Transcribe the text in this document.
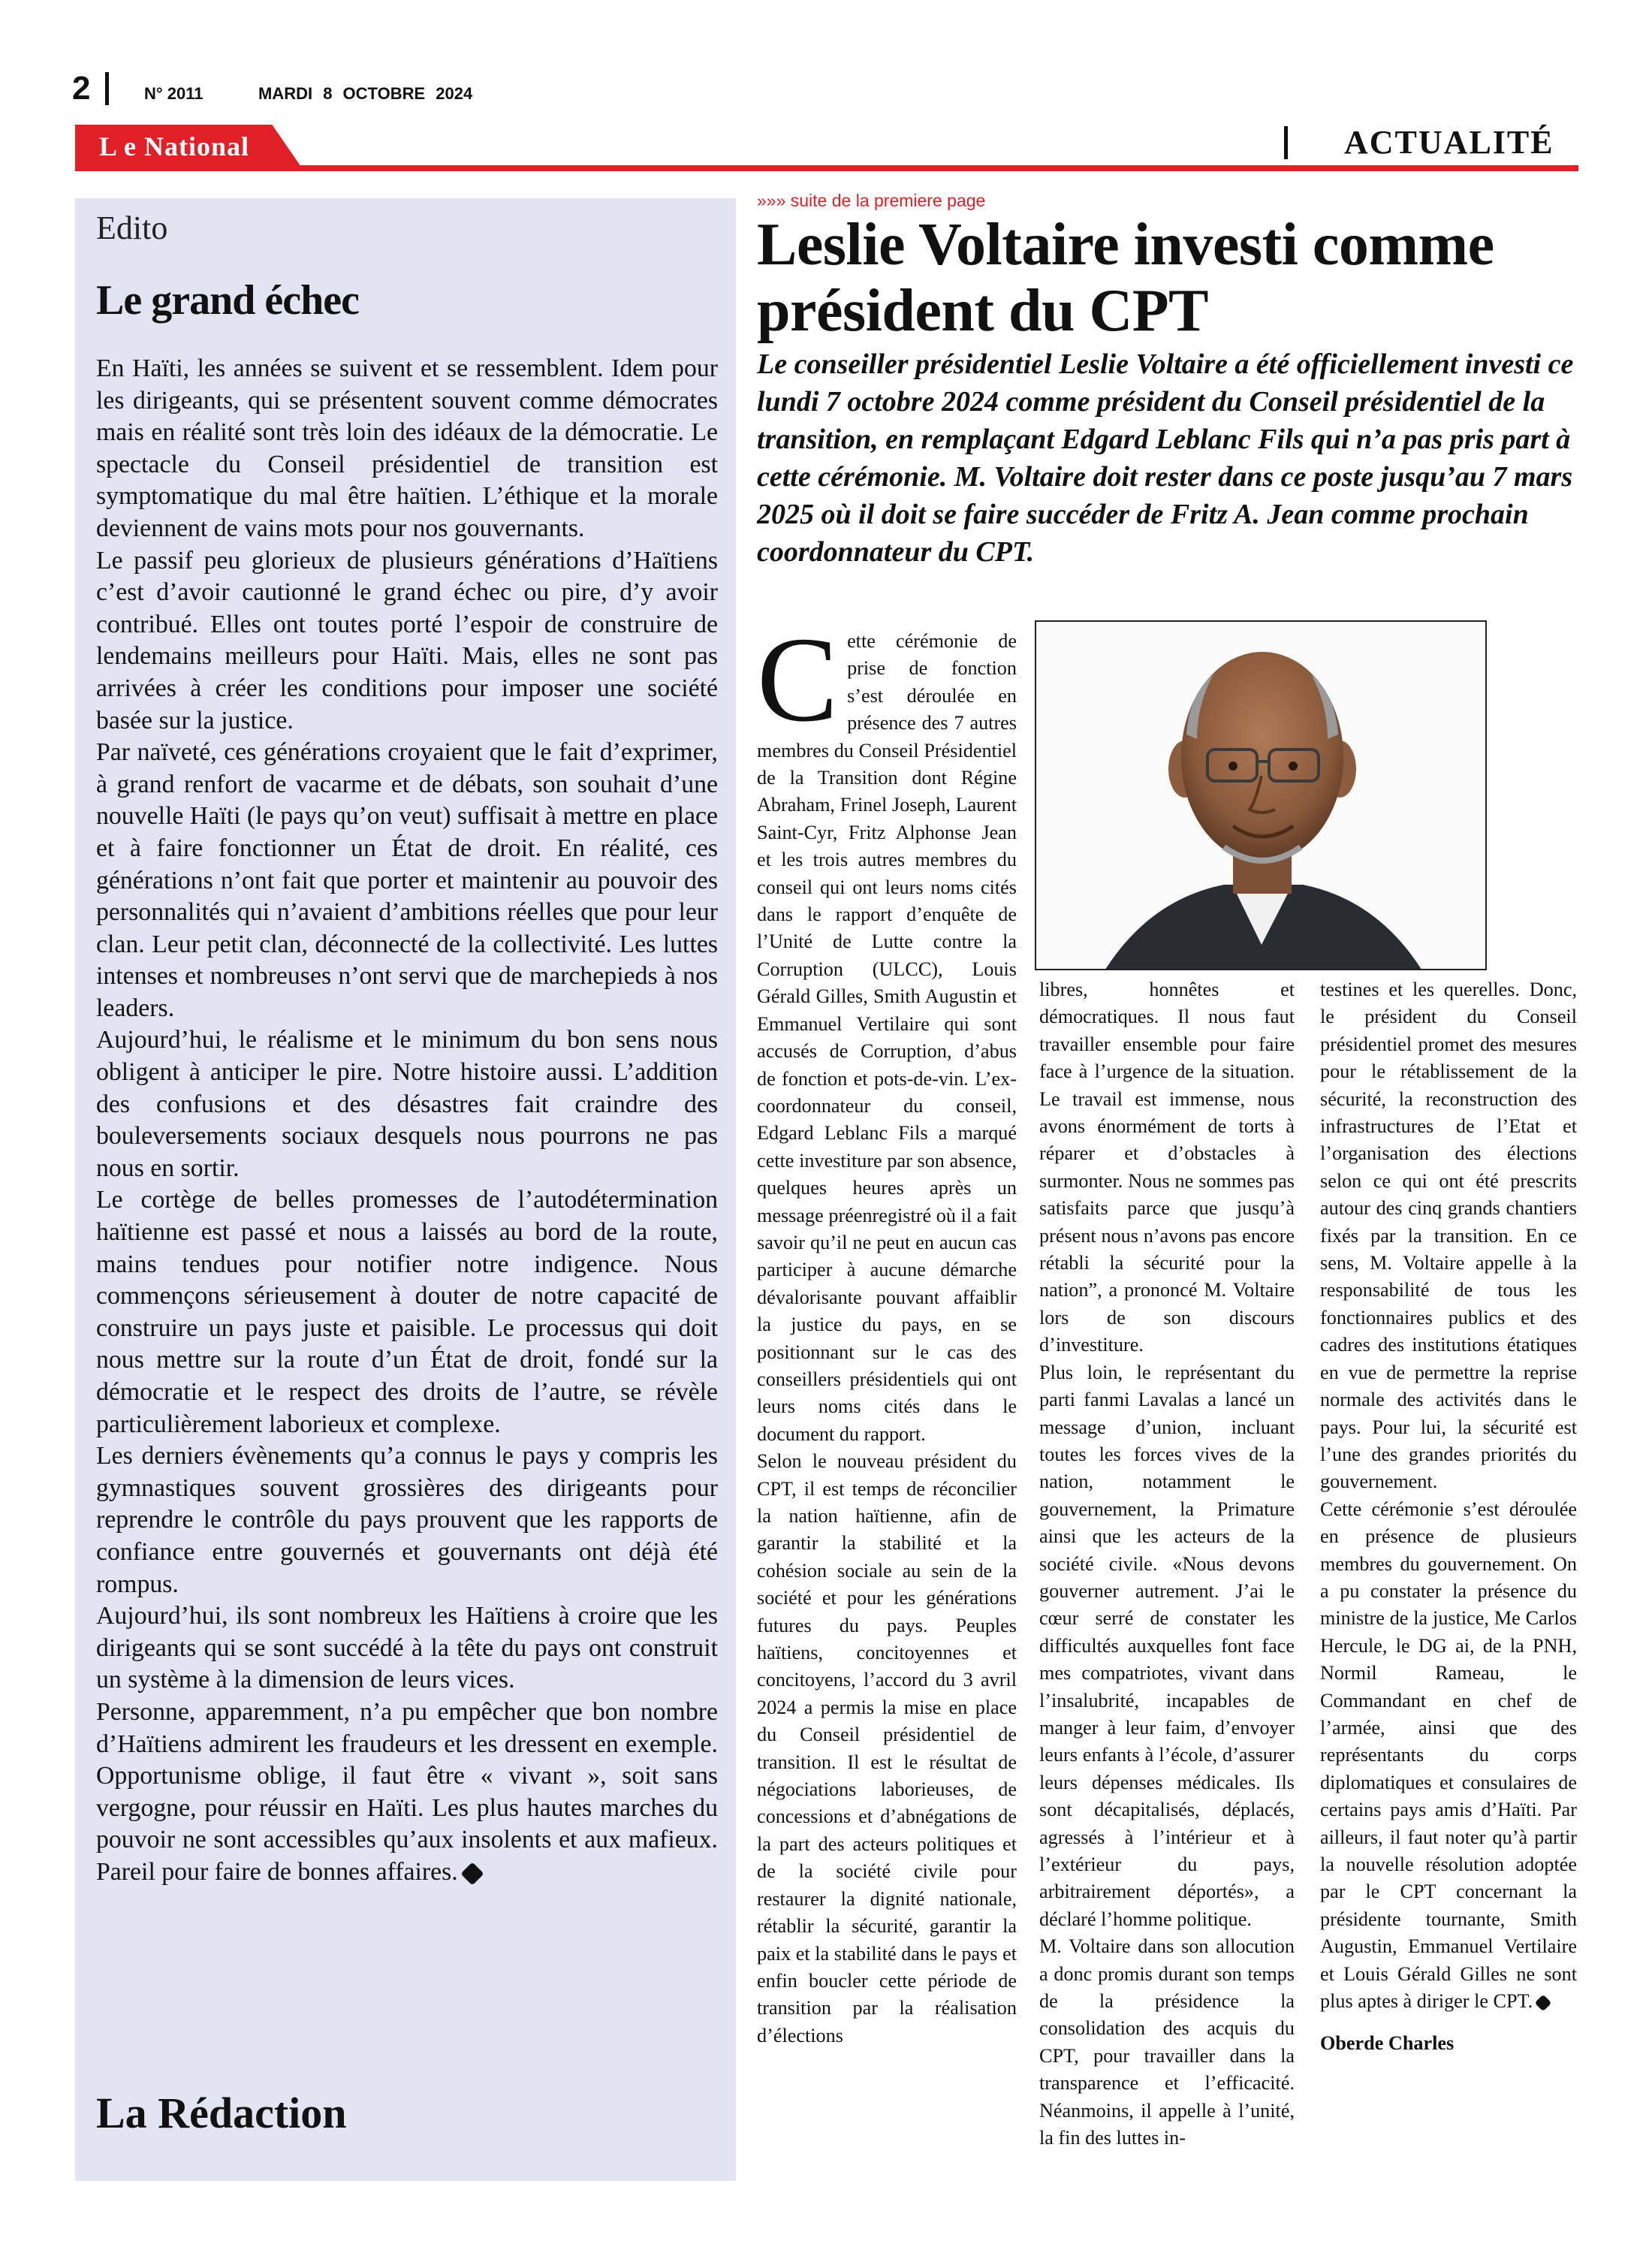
2	N° 2011	MARDI 8 OCTOBRE 2024
L e National	ACTUALITÉ
Edito
Le grand échec

En Haïti, les années se suivent et se ressemblent. Idem pour les dirigeants, qui se présentent souvent comme démocrates mais en réalité sont très loin des idéaux de la démocratie. Le spectacle du Conseil présidentiel de transition est symptomatique du mal être haïtien. L’éthique et la morale deviennent de vains mots pour nos gouvernants.

Le passif peu glorieux de plusieurs générations d’Haïtiens c’est d’avoir cautionné le grand échec ou pire, d’y avoir contribué. Elles ont toutes porté l’espoir de construire de lendemains meilleurs pour Haïti. Mais, elles ne sont pas arrivées à créer les conditions pour imposer une société basée sur la justice.

Par naïveté, ces générations croyaient que le fait d’exprimer, à grand renfort de vacarme et de débats, son souhait d’une nouvelle Haïti (le pays qu’on veut) suffisait à mettre en place et à faire fonctionner un État de droit. En réalité, ces générations n’ont fait que porter et maintenir au pouvoir des personnalités qui n’avaient d’ambitions réelles que pour leur clan. Leur petit clan, déconnecté de la collectivité. Les luttes intenses et nombreuses n’ont servi que de marchepieds à nos leaders.

Aujourd’hui, le réalisme et le minimum du bon sens nous obligent à anticiper le pire. Notre histoire aussi. L’addition des confusions et des désastres fait craindre des bouleversements sociaux desquels nous pourrons ne pas nous en sortir.

Le cortège de belles promesses de l’autodétermination haïtienne est passé et nous a laissés au bord de la route, mains tendues pour notifier notre indigence. Nous commençons sérieusement à douter de notre capacité de construire un pays juste et paisible. Le processus qui doit nous mettre sur la route d’un État de droit, fondé sur la démocratie et le respect des droits de l’autre, se révèle particulièrement laborieux et complexe.

Les derniers évènements qu’a connus le pays y compris les gymnastiques souvent grossières des dirigeants pour reprendre le contrôle du pays prouvent que les rapports de confiance entre gouvernés et gouvernants ont déjà été rompus.

Aujourd’hui, ils sont nombreux les Haïtiens à croire que les dirigeants qui se sont succédé à la tête du pays ont construit un système à la dimension de leurs vices.

Personne, apparemment, n’a pu empêcher que bon nombre d’Haïtiens admirent les fraudeurs et les dressent en exemple. Opportunisme oblige, il faut être « vivant », soit sans vergogne, pour réussir en Haïti. Les plus hautes marches du pouvoir ne sont accessibles qu’aux insolents et aux mafieux. Pareil pour faire de bonnes affaires.

La Rédaction
»»» suite de la premiere page
Leslie Voltaire investi comme président du CPT
Le conseiller présidentiel Leslie Voltaire a été officiellement investi ce lundi 7 octobre 2024 comme président du Conseil présidentiel de la transition, en remplaçant Edgard Leblanc Fils qui n’a pas pris part à cette cérémonie. M. Voltaire doit rester dans ce poste jusqu’au 7 mars 2025 où il doit se faire succéder de Fritz A. Jean comme prochain coordonnateur du CPT.

Cette cérémonie de prise de fonction s’est déroulée en présence des 7 autres membres du Conseil Présidentiel de la Transition dont Régine Abraham, Frinel Joseph, Laurent Saint-Cyr, Fritz Alphonse Jean et les trois autres membres du conseil qui ont leurs noms cités dans le rapport d’enquête de l’Unité de Lutte contre la Corruption (ULCC), Louis Gérald Gilles, Smith Augustin et Emmanuel Vertilaire qui sont accusés de Corruption, d’abus de fonction et pots-de-vin. L’ex-coordonnateur du conseil, Edgard Leblanc Fils a marqué cette investiture par son absence, quelques heures après un message préenregistré où il a fait savoir qu’il ne peut en aucun cas participer à aucune démarche dévalorisante pouvant affaiblir la justice du pays, en se positionnant sur le cas des conseillers présidentiels qui ont leurs noms cités dans le document du rapport.

Selon le nouveau président du CPT, il est temps de réconcilier la nation haïtienne, afin de garantir la stabilité et la cohésion sociale au sein de la société et pour les générations futures du pays. Peuples haïtiens, concitoyennes et concitoyens, l’accord du 3 avril 2024 a permis la mise en place du Conseil présidentiel de transition. Il est le résultat de négociations laborieuses, de concessions et d’abnégations de la part des acteurs politiques et de la société civile pour restaurer la dignité nationale, rétablir la sécurité, garantir la paix et la stabilité dans le pays et enfin boucler cette période de transition par la réalisation d’élections

libres, honnêtes et démocratiques. Il nous faut travailler ensemble pour faire face à l’urgence de la situation. Le travail est immense, nous avons énormément de torts à réparer et d’obstacles à surmonter. Nous ne sommes pas satisfaits parce que jusqu’à présent nous n’avons pas encore rétabli la sécurité pour la nation”, a prononcé M. Voltaire lors de son discours d’investiture.

Plus loin, le représentant du parti fanmi Lavalas a lancé un message d’union, incluant toutes les forces vives de la nation, notamment le gouvernement, la Primature ainsi que les acteurs de la société civile. «Nous devons gouverner autrement. J’ai le cœur serré de constater les difficultés auxquelles font face mes compatriotes, vivant dans l’insalubrité, incapables de manger à leur faim, d’envoyer leurs enfants à l’école, d’assurer leurs dépenses médicales. Ils sont décapitalisés, déplacés, agressés à l’intérieur et à l’extérieur du pays, arbitrairement déportés», a déclaré l’homme politique.

M. Voltaire dans son allocution a donc promis durant son temps de la présidence la consolidation des acquis du CPT, pour travailler dans la transparence et l’efficacité. Néanmoins, il appelle à l’unité, la fin des luttes in-

testines et les querelles. Donc, le président du Conseil présidentiel promet des mesures pour le rétablissement de la sécurité, la reconstruction des infrastructures de l’Etat et l’organisation des élections selon ce qui ont été prescrits autour des cinq grands chantiers fixés par la transition. En ce sens, M. Voltaire appelle à la responsabilité de tous les fonctionnaires publics et des cadres des institutions étatiques en vue de permettre la reprise normale des activités dans le pays. Pour lui, la sécurité est l’une des grandes priorités du gouvernement.

Cette cérémonie s’est déroulée en présence de plusieurs membres du gouvernement. On a pu constater la présence du ministre de la justice, Me Carlos Hercule, le DG ai, de la PNH, Normil Rameau, le Commandant en chef de l’armée, ainsi que des représentants du corps diplomatiques et consulaires de certains pays amis d’Haïti. Par ailleurs, il faut noter qu’à partir la nouvelle résolution adoptée par le CPT concernant la présidente tournante, Smith Augustin, Emmanuel Vertilaire et Louis Gérald Gilles ne sont plus aptes à diriger le CPT.

Oberde Charles
